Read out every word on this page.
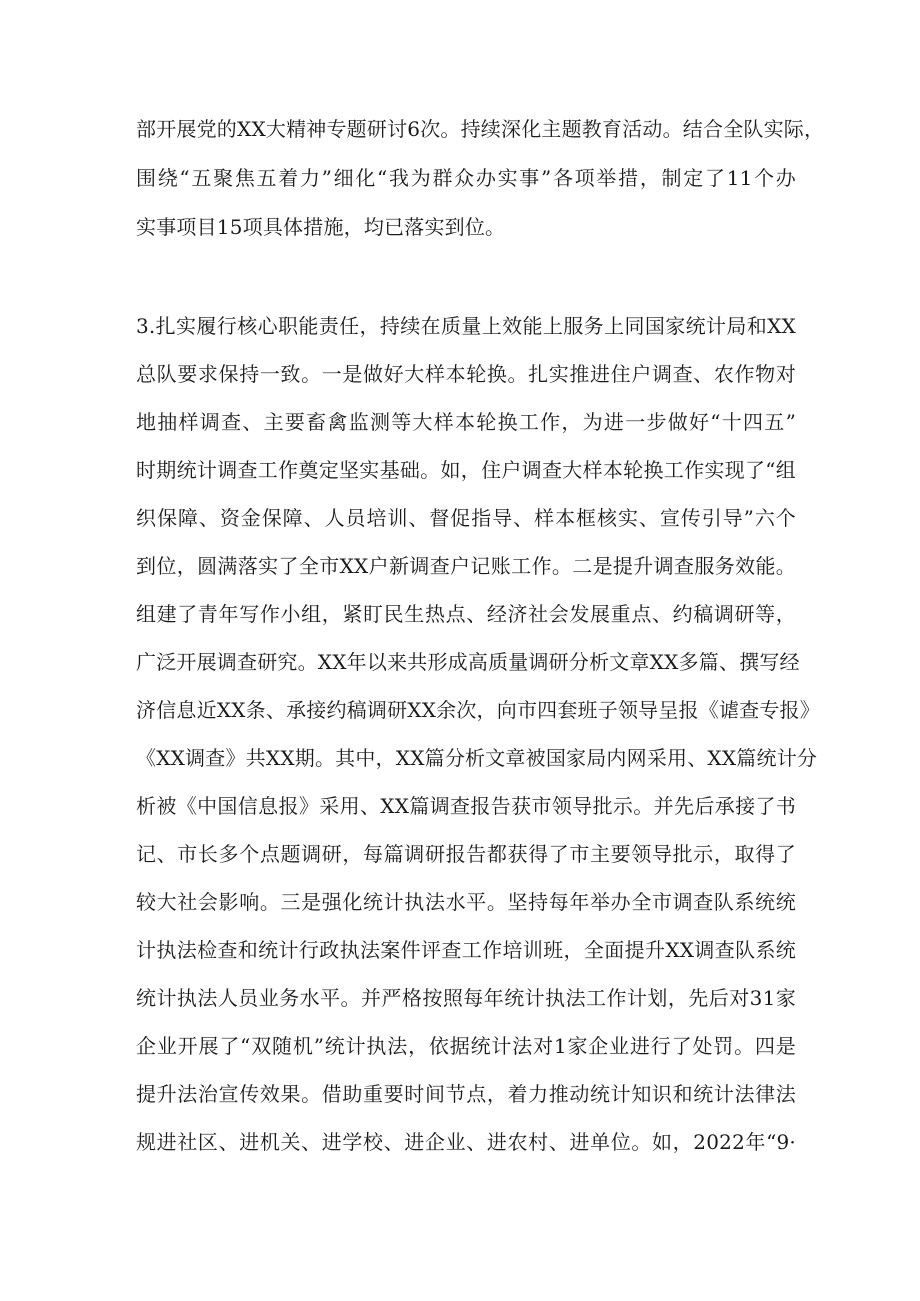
部开展党的XX大精神专题研讨6次。持续深化主题教育活动。结合全队实际，
围绕“五聚焦五着力”细化“我为群众办实事”各项举措，制定了11个办
实事项目15项具体措施，均已落实到位。
3.扎实履行核心职能责任，持续在质量上效能上服务上同国家统计局和XX
总队要求保持一致。一是做好大样本轮换。扎实推进住户调查、农作物对
地抽样调查、主要畜禽监测等大样本轮换工作，为进一步做好“十四五”
时期统计调查工作奠定坚实基础。如，住户调查大样本轮换工作实现了“组
织保障、资金保障、人员培训、督促指导、样本框核实、宣传引导”六个
到位，圆满落实了全市XX户新调查户记账工作。二是提升调查服务效能。
组建了青年写作小组，紧盯民生热点、经济社会发展重点、约稿调研等，
广泛开展调查研究。XX年以来共形成高质量调研分析文章XX多篇、撰写经
济信息近XX条、承接约稿调研XX余次，向市四套班子领导呈报《谑查专报》
《XX调查》共XX期。其中，XX篇分析文章被国家局内网采用、XX篇统计分
析被《中国信息报》采用、XX篇调查报告获市领导批示。并先后承接了书
记、市长多个点题调研，每篇调研报告都获得了市主要领导批示，取得了
较大社会影响。三是强化统计执法水平。坚持每年举办全市调查队系统统
计执法检查和统计行政执法案件评查工作培训班，全面提升XX调查队系统
统计执法人员业务水平。并严格按照每年统计执法工作计划，先后对31家
企业开展了“双随机”统计执法，依据统计法对1家企业进行了处罚。四是
提升法治宣传效果。借助重要时间节点，着力推动统计知识和统计法律法
规进社区、进机关、进学校、进企业、进农村、进单位。如，2022年“9·
